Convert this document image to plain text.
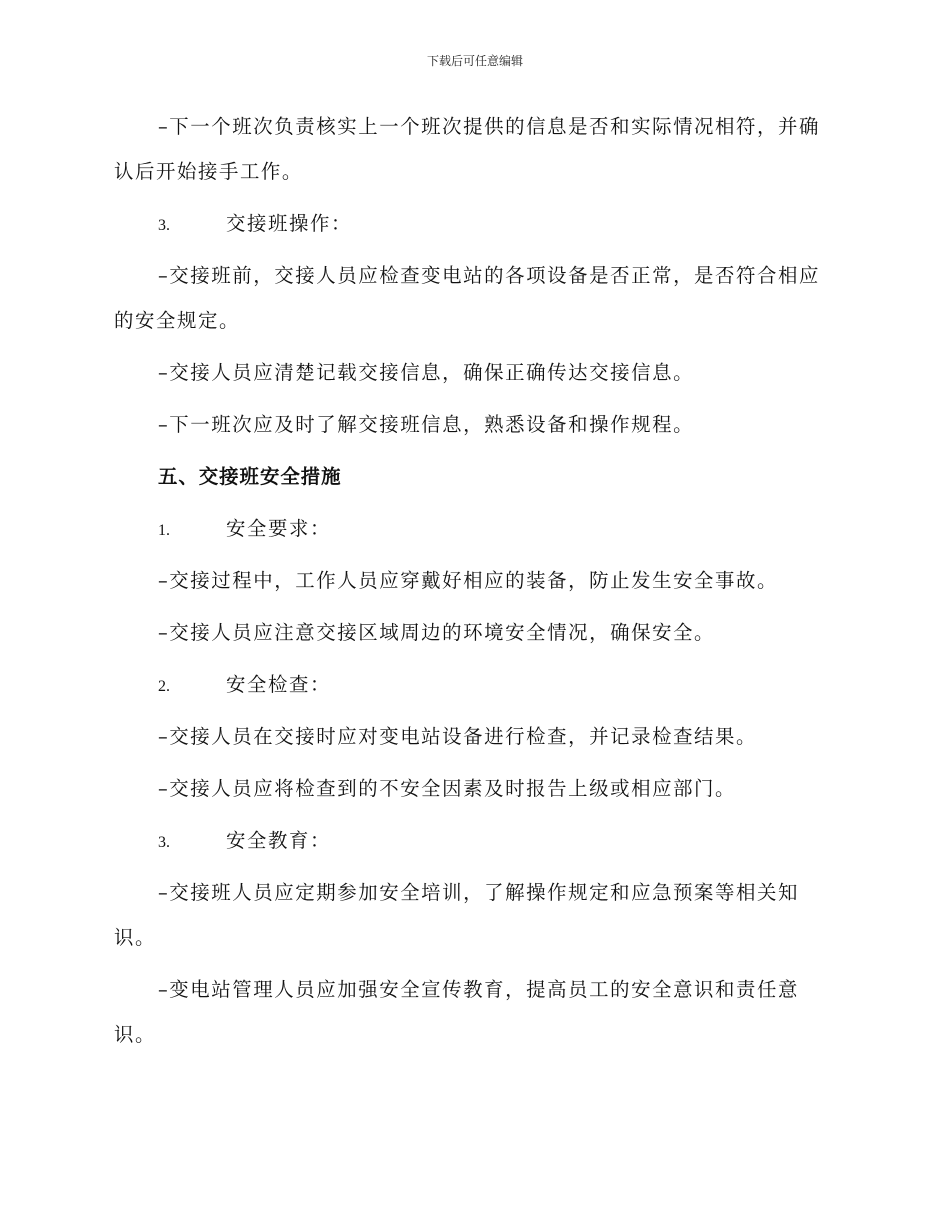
下载后可任意编辑

–下一个班次负责核实上一个班次提供的信息是否和实际情况相符，并确认后开始接手工作。

3.	交接班操作：

–交接班前，交接人员应检查变电站的各项设备是否正常，是否符合相应的安全规定。

–交接人员应清楚记载交接信息，确保正确传达交接信息。

–下一班次应及时了解交接班信息，熟悉设备和操作规程。

五、交接班安全措施
1.	安全要求：

–交接过程中，工作人员应穿戴好相应的装备，防止发生安全事故。

–交接人员应注意交接区域周边的环境安全情况，确保安全。

2.	安全检查：

–交接人员在交接时应对变电站设备进行检查，并记录检查结果。

–交接人员应将检查到的不安全因素及时报告上级或相应部门。

3.	安全教育：

–交接班人员应定期参加安全培训，了解操作规定和应急预案等相关知识。

–变电站管理人员应加强安全宣传教育，提高员工的安全意识和责任意识。
